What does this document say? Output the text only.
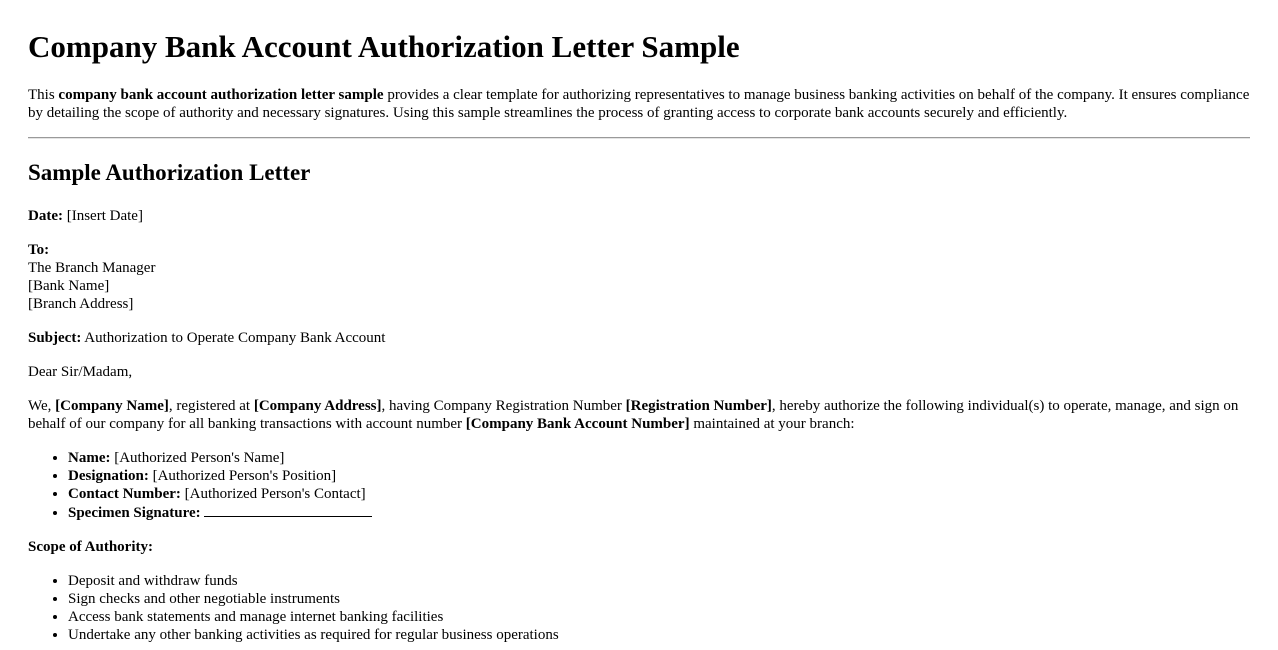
Company Bank Account Authorization Letter Sample

This company bank account authorization letter sample provides a clear template for authorizing representatives to manage business banking activities on behalf of the company. It ensures compliance by detailing the scope of authority and necessary signatures. Using this sample streamlines the process of granting access to corporate bank accounts securely and efficiently.

Sample Authorization Letter

Date: [Insert Date]

To:
The Branch Manager
[Bank Name]
[Branch Address]

Subject: Authorization to Operate Company Bank Account

Dear Sir/Madam,

We, [Company Name], registered at [Company Address], having Company Registration Number [Registration Number], hereby authorize the following individual(s) to operate, manage, and sign on behalf of our company for all banking transactions with account number [Company Bank Account Number] maintained at your branch:

• Name: [Authorized Person's Name]
• Designation: [Authorized Person's Position]
• Contact Number: [Authorized Person's Contact]
• Specimen Signature:

Scope of Authority:

• Deposit and withdraw funds
• Sign checks and other negotiable instruments
• Access bank statements and manage internet banking facilities
• Undertake any other banking activities as required for regular business operations
